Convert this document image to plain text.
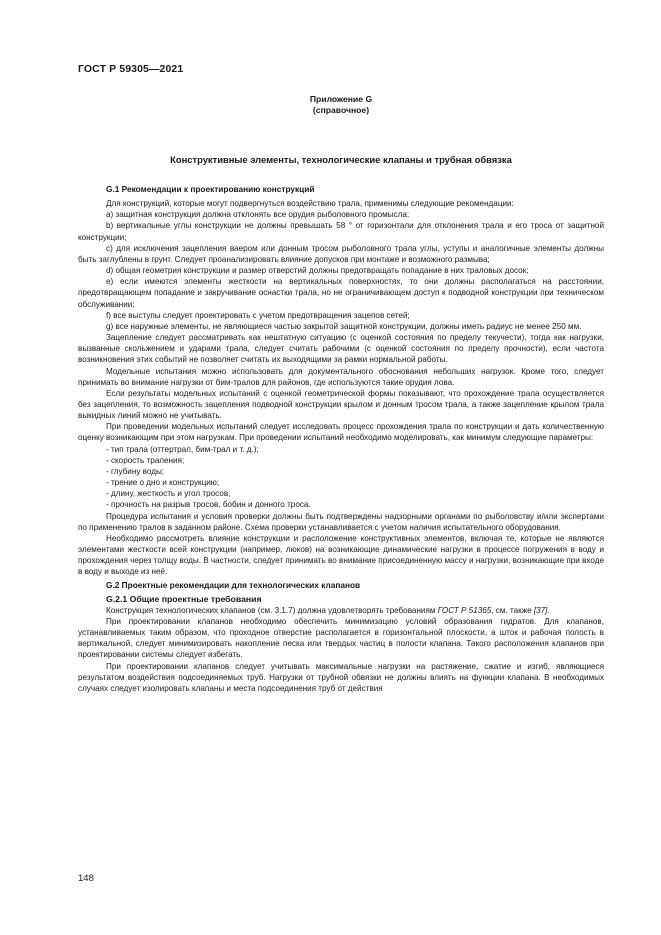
ГОСТ Р 59305—2021
Приложение G
(справочное)
Конструктивные элементы, технологические клапаны и трубная обвязка
G.1 Рекомендации к проектированию конструкций

Для конструкций, которые могут подвергнуться воздействию трала, применимы следующие рекомендации:

а) защитная конструкция должна отклонять все орудия рыболовного промысла;

b) вертикальные углы конструкции не должны превышать 58 ° от горизонтали для отклонения трала и его троса от защитной конструкции;

с) для исключения зацепления ваером или донным тросом рыболовного трала углы, уступы и аналогичные элементы должны быть заглублены в грунт. Следует проанализировать влияние допусков при монтаже и возможного размыва;

d) общая геометрия конструкции и размер отверстий должны предотвращать попадание в них траловых досок;

е) если имеются элементы жесткости на вертикальных поверхностях, то они должны располагаться на расстоянии, предотвращающем попадание и закручивание оснастки трала, но не ограничивающем доступ к подводной конструкции при техническом обслуживании;

f) все выступы следует проектировать с учетом предотвращения зацепов сетей;

g) все наружные элементы, не являющиеся частью закрытой защитной конструкции, должны иметь радиус не менее 250 мм.

Зацепление следует рассматривать как нештатную ситуацию (с оценкой состояния по пределу текучести), тогда как нагрузки, вызванные скольжением и ударами трала, следует считать рабочими (с оценкой состояния по пределу прочности), если частота возникновения этих событий не позволяет считать их выходящими за рамки нормальной работы.

Модельные испытания можно использовать для документального обоснования небольших нагрузок. Кроме того, следует принимать во внимание нагрузки от бим-тралов для районов, где используются такие орудия лова.

Если результаты модельных испытаний с оценкой геометрической формы показывают, что прохождение трала осуществляется без зацепления, то возможность зацепления подводной конструкции крылом и донным тросом трала, а также зацепление крылом трала выкидных линий можно не учитывать.

При проведении модельных испытаний следует исследовать процесс прохождения трала по конструкции и дать количественную оценку возникающим при этом нагрузкам. При проведении испытаний необходимо моделировать, как минимум следующие параметры:

- тип трала (оттертрал, бим-трал и т. д.);

- скорость траления;

- глубину воды;

- трение о дно и конструкцию;

- длину, жесткость и угол тросов;

- прочность на разрыв тросов, бобин и донного троса.

Процедура испытания и условия проверки должны быть подтверждены надзорными органами по рыболовству и/или экспертами по применению тралов в заданном районе. Схема проверки устанавливается с учетом наличия испытательного оборудования.

Необходимо рассмотреть влияние конструкции и расположение конструктивных элементов, включая те, которые не являются элементами жесткости всей конструкции (например, люков) на возникающие динамические нагрузки в процессе погружения в воду и прохождения через толщу воды. В частности, следует принимать во внимание присоединенную массу и нагрузки, возникающие при входе в воду и выходе из неё.

G.2 Проектные рекомендации для технологических клапанов
G.2.1 Общие проектные требования

Конструкция технологических клапанов (см. 3.1.7) должна удовлетворять требованиям ГОСТ Р 51365, см. также [37].

При проектировании клапанов необходимо обеспечить минимизацию условий образования гидратов. Для клапанов, устанавливаемых таким образом, что проходное отверстие располагается в горизонтальной плоскости, а шток и рабочая полость в вертикальной, следует минимизировать накопление песка или твердых частиц в полости клапана. Такого расположения клапанов при проектировании системы следует избегать.

При проектировании клапанов следует учитывать максимальные нагрузки на растяжение, сжатие и изгиб, являющиеся результатом воздействия подсоединяемых труб. Нагрузки от трубной обвязки не должны влиять на функции клапана. В необходимых случаях следует изолировать клапаны и места подсоединения труб от действия

148
